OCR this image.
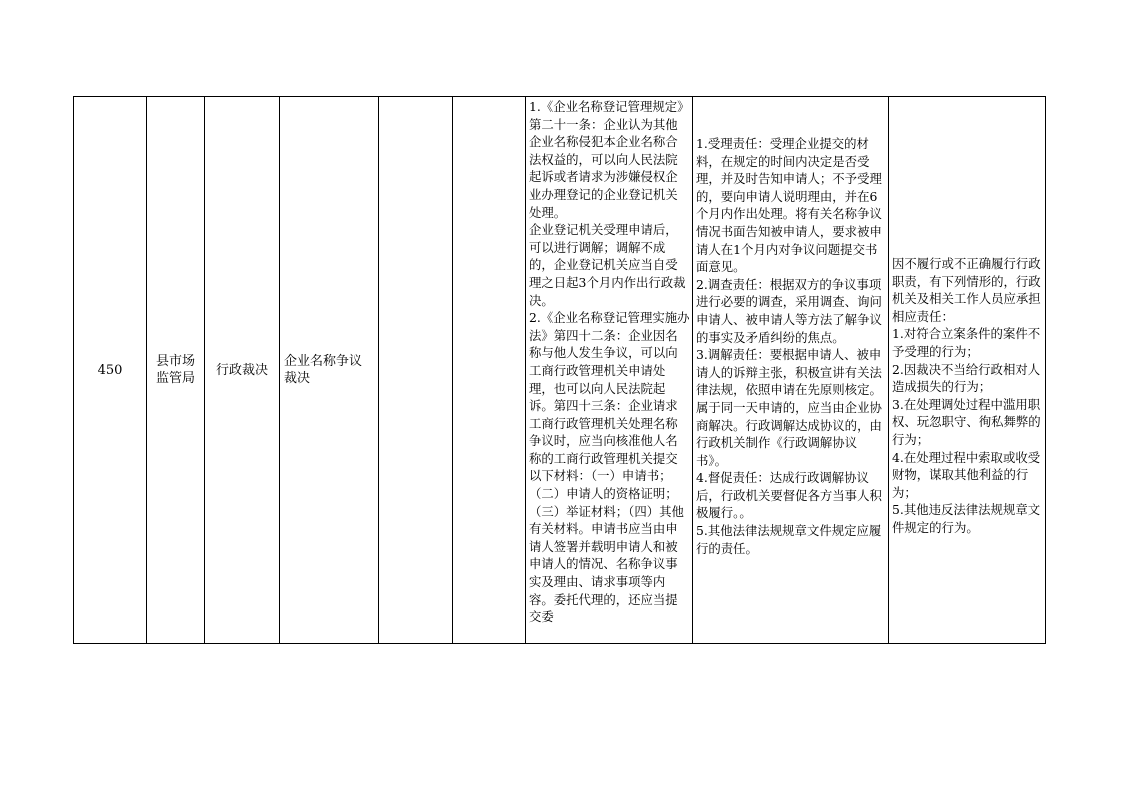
450
县市场监管局
行政裁决
企业名称争议裁决
1.《企业名称登记管理规定》第二十一条：企业认为其他企业名称侵犯本企业名称合法权益的，可以向人民法院起诉或者请求为涉嫌侵权企业办理登记的企业登记机关处理。
企业登记机关受理申请后，可以进行调解；调解不成的，企业登记机关应当自受理之日起3个月内作出行政裁决。
2.《企业名称登记管理实施办法》第四十二条：企业因名称与他人发生争议，可以向工商行政管理机关申请处理，也可以向人民法院起诉。第四十三条：企业请求工商行政管理机关处理名称争议时，应当向核准他人名称的工商行政管理机关提交以下材料：（一）申请书；（二）申请人的资格证明；（三）举证材料；（四）其他有关材料。申请书应当由申请人签署并载明申请人和被申请人的情况、名称争议事实及理由、请求事项等内容。委托代理的，还应当提交委
1.受理责任：受理企业提交的材料，在规定的时间内决定是否受理，并及时告知申请人；不予受理的，要向申请人说明理由，并在6个月内作出处理。将有关名称争议情况书面告知被申请人，要求被申请人在1个月内对争议问题提交书面意见。
2.调查责任：根据双方的争议事项进行必要的调查，采用调查、询问申请人、被申请人等方法了解争议的事实及矛盾纠纷的焦点。
3.调解责任：要根据申请人、被申请人的诉辩主张，积极宣讲有关法律法规，依照申请在先原则核定。属于同一天申请的，应当由企业协商解决。行政调解达成协议的，由行政机关制作《行政调解协议书》。
4.督促责任：达成行政调解协议后，行政机关要督促各方当事人积极履行。。
5.其他法律法规规章文件规定应履行的责任。
因不履行或不正确履行行政职责，有下列情形的，行政机关及相关工作人员应承担相应责任：
1.对符合立案条件的案件不予受理的行为；
2.因裁决不当给行政相对人造成损失的行为；
3.在处理调处过程中滥用职权、玩忽职守、徇私舞弊的行为；
4.在处理过程中索取或收受财物，谋取其他利益的行为；
5.其他违反法律法规规章文件规定的行为。
